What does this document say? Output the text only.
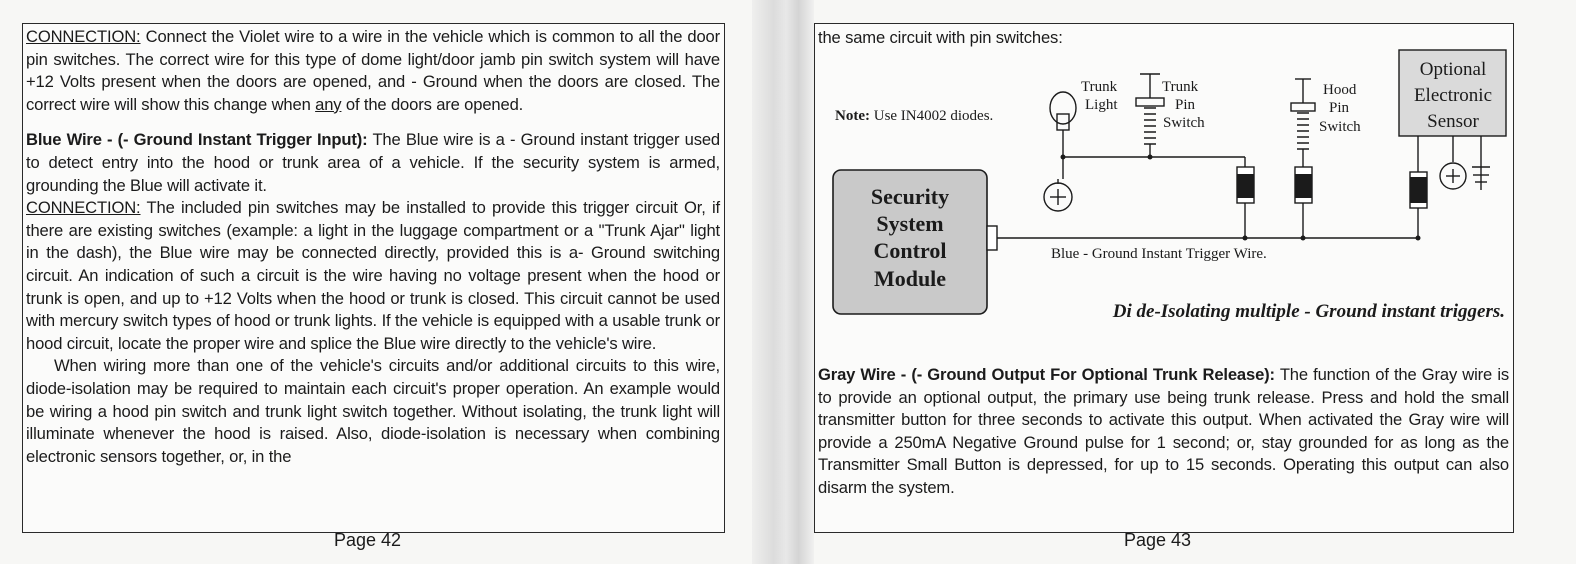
CONNECTION: Connect the Violet wire to a wire in the vehicle which is common to all the door pin switches. The correct wire for this type of dome light/door jamb pin switch system will have +12 Volts present when the doors are opened, and - Ground when the doors are closed. The correct wire will show this change when any of the doors are opened.

Blue Wire - (- Ground Instant Trigger Input): The Blue wire is a - Ground instant trigger used to detect entry into the hood or trunk area of a vehicle. If the security system is armed, grounding the Blue will activate it.

CONNECTION: The included pin switches may be installed to provide this trigger circuit Or, if there are existing switches (example: a light in the luggage compartment or a "Trunk Ajar" light in the dash), the Blue wire may be connected directly, provided this is a- Ground switching circuit. An indication of such a circuit is the wire having no voltage present when the hood or trunk is open, and up to +12 Volts when the hood or trunk is closed. This circuit cannot be used with mercury switch types of hood or trunk lights. If the vehicle is equipped with a usable trunk or hood circuit, locate the proper wire and splice the Blue wire directly to the vehicle's wire.

When wiring more than one of the vehicle's circuits and/or additional circuits to this wire, diode-isolation may be required to maintain each circuit's proper operation. An example would be wiring a hood pin switch and trunk light switch together. Without isolating, the trunk light will illuminate whenever the hood is raised. Also, diode-isolation is necessary when combining electronic sensors together, or, in the

Page 42

the same circuit with pin switches:

Note: Use IN4002 diodes.
Trunk
Light
Trunk
Pin
Switch
Hood
Pin
Switch
Optional
Electronic
Sensor
Blue - Ground Instant Trigger Wire.
Security
System
Control
Module
Di de-Isolating multiple - Ground instant triggers.

Gray Wire - (- Ground Output For Optional Trunk Release): The function of the Gray wire is to provide an optional output, the primary use being trunk release. Press and hold the small transmitter button for three seconds to activate this output. When activated the Gray wire will provide a 250mA Negative Ground pulse for 1 second; or, stay grounded for as long as the Transmitter Small Button is depressed, for up to 15 seconds. Operating this output can also disarm the system.

Page 43
